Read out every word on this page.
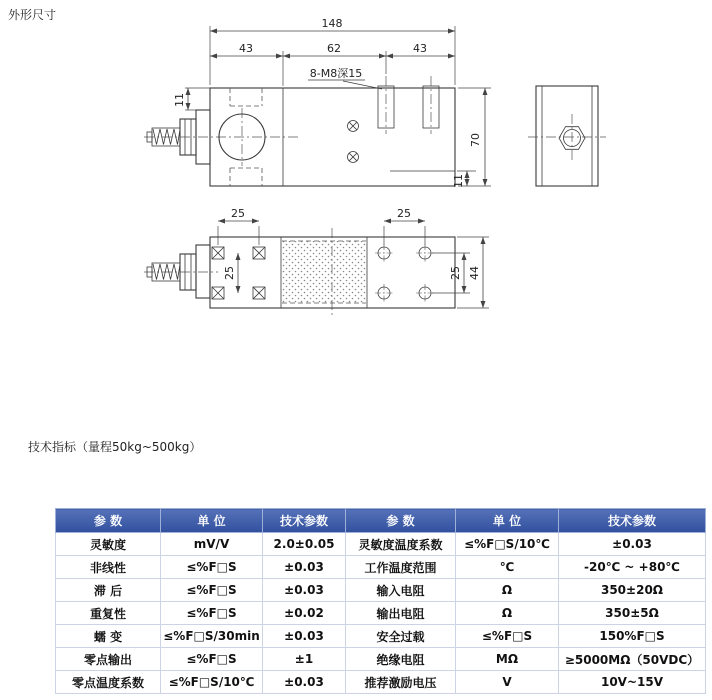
外形尺寸
148
43	62	43
8-M8深15
11
70
11
25	25
25	25 44
技术指标（量程50kg~500kg）
参 数	单 位	技术参数	参 数	单 位	技术参数
灵敏度	mV/V	2.0±0.05	灵敏度温度系数	≤%F□S/10℃	±0.03
非线性	≤%F□S	±0.03	工作温度范围	℃	-20℃ ~ +80℃
滞 后	≤%F□S	±0.03	输入电阻	Ω	350±20Ω
重复性	≤%F□S	±0.02	输出电阻	Ω	350±5Ω
蠕 变	≤%F□S/30min	±0.03	安全过载	≤%F□S	150%F□S
零点输出	≤%F□S	±1	绝缘电阻	MΩ	≥5000MΩ（50VDC）
零点温度系数	≤%F□S/10℃	±0.03	推荐激励电压	V	10V~15V
